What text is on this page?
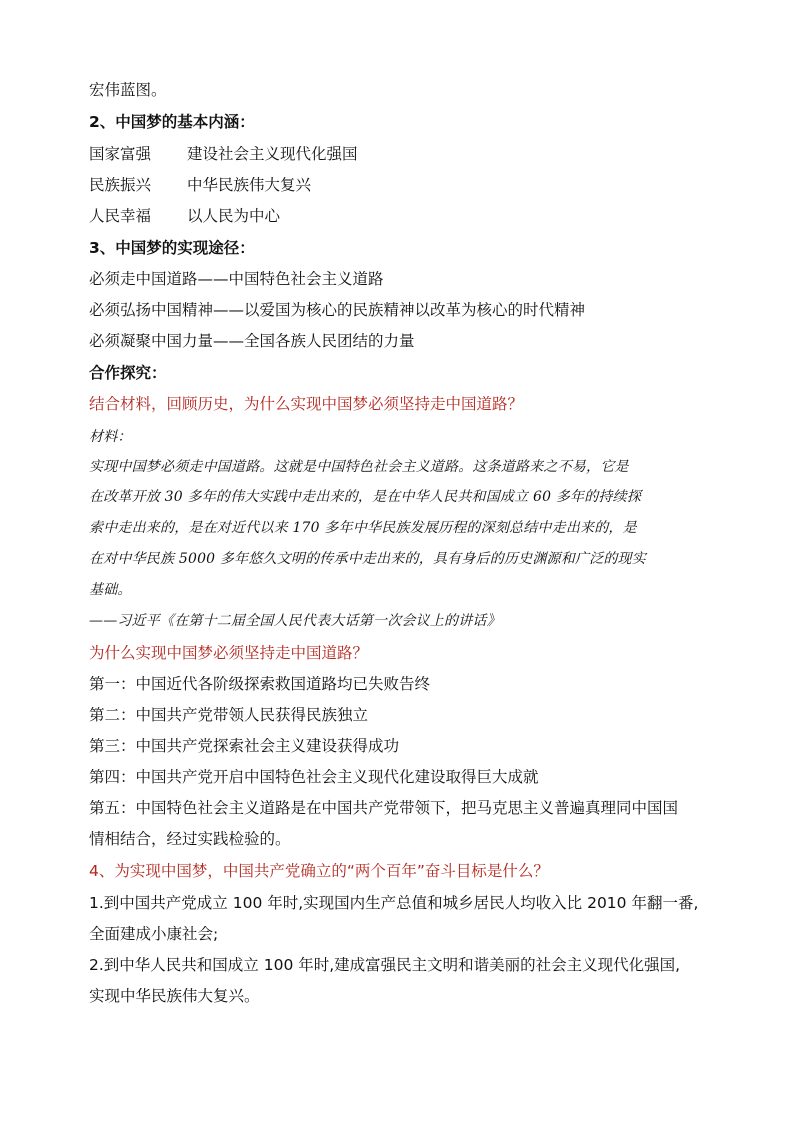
宏伟蓝图。
2、中国梦的基本内涵：
国家富强 建设社会主义现代化强国
民族振兴 中华民族伟大复兴
人民幸福 以人民为中心
3、中国梦的实现途径：
必须走中国道路——中国特色社会主义道路
必须弘扬中国精神——以爱国为核心的民族精神以改革为核心的时代精神
必须凝聚中国力量——全国各族人民团结的力量
合作探究：
结合材料，回顾历史，为什么实现中国梦必须坚持走中国道路？
材料：
实现中国梦必须走中国道路。这就是中国特色社会主义道路。这条道路来之不易，它是
在改革开放 30 多年的伟大实践中走出来的，是在中华人民共和国成立 60 多年的持续探
索中走出来的，是在对近代以来 170 多年中华民族发展历程的深刻总结中走出来的，是
在对中华民族 5000 多年悠久文明的传承中走出来的，具有身后的历史渊源和广泛的现实
基础。
——习近平《在第十二届全国人民代表大话第一次会议上的讲话》
为什么实现中国梦必须坚持走中国道路？
第一：中国近代各阶级探索救国道路均已失败告终
第二：中国共产党带领人民获得民族独立
第三：中国共产党探索社会主义建设获得成功
第四：中国共产党开启中国特色社会主义现代化建设取得巨大成就
第五：中国特色社会主义道路是在中国共产党带领下，把马克思主义普遍真理同中国国
情相结合，经过实践检验的。
4、为实现中国梦，中国共产党确立的“两个百年”奋斗目标是什么？
1.到中国共产党成立 100 年时,实现国内生产总值和城乡居民人均收入比 2010 年翻一番,
全面建成小康社会;
2.到中华人民共和国成立 100 年时,建成富强民主文明和谐美丽的社会主义现代化强国,
实现中华民族伟大复兴。
